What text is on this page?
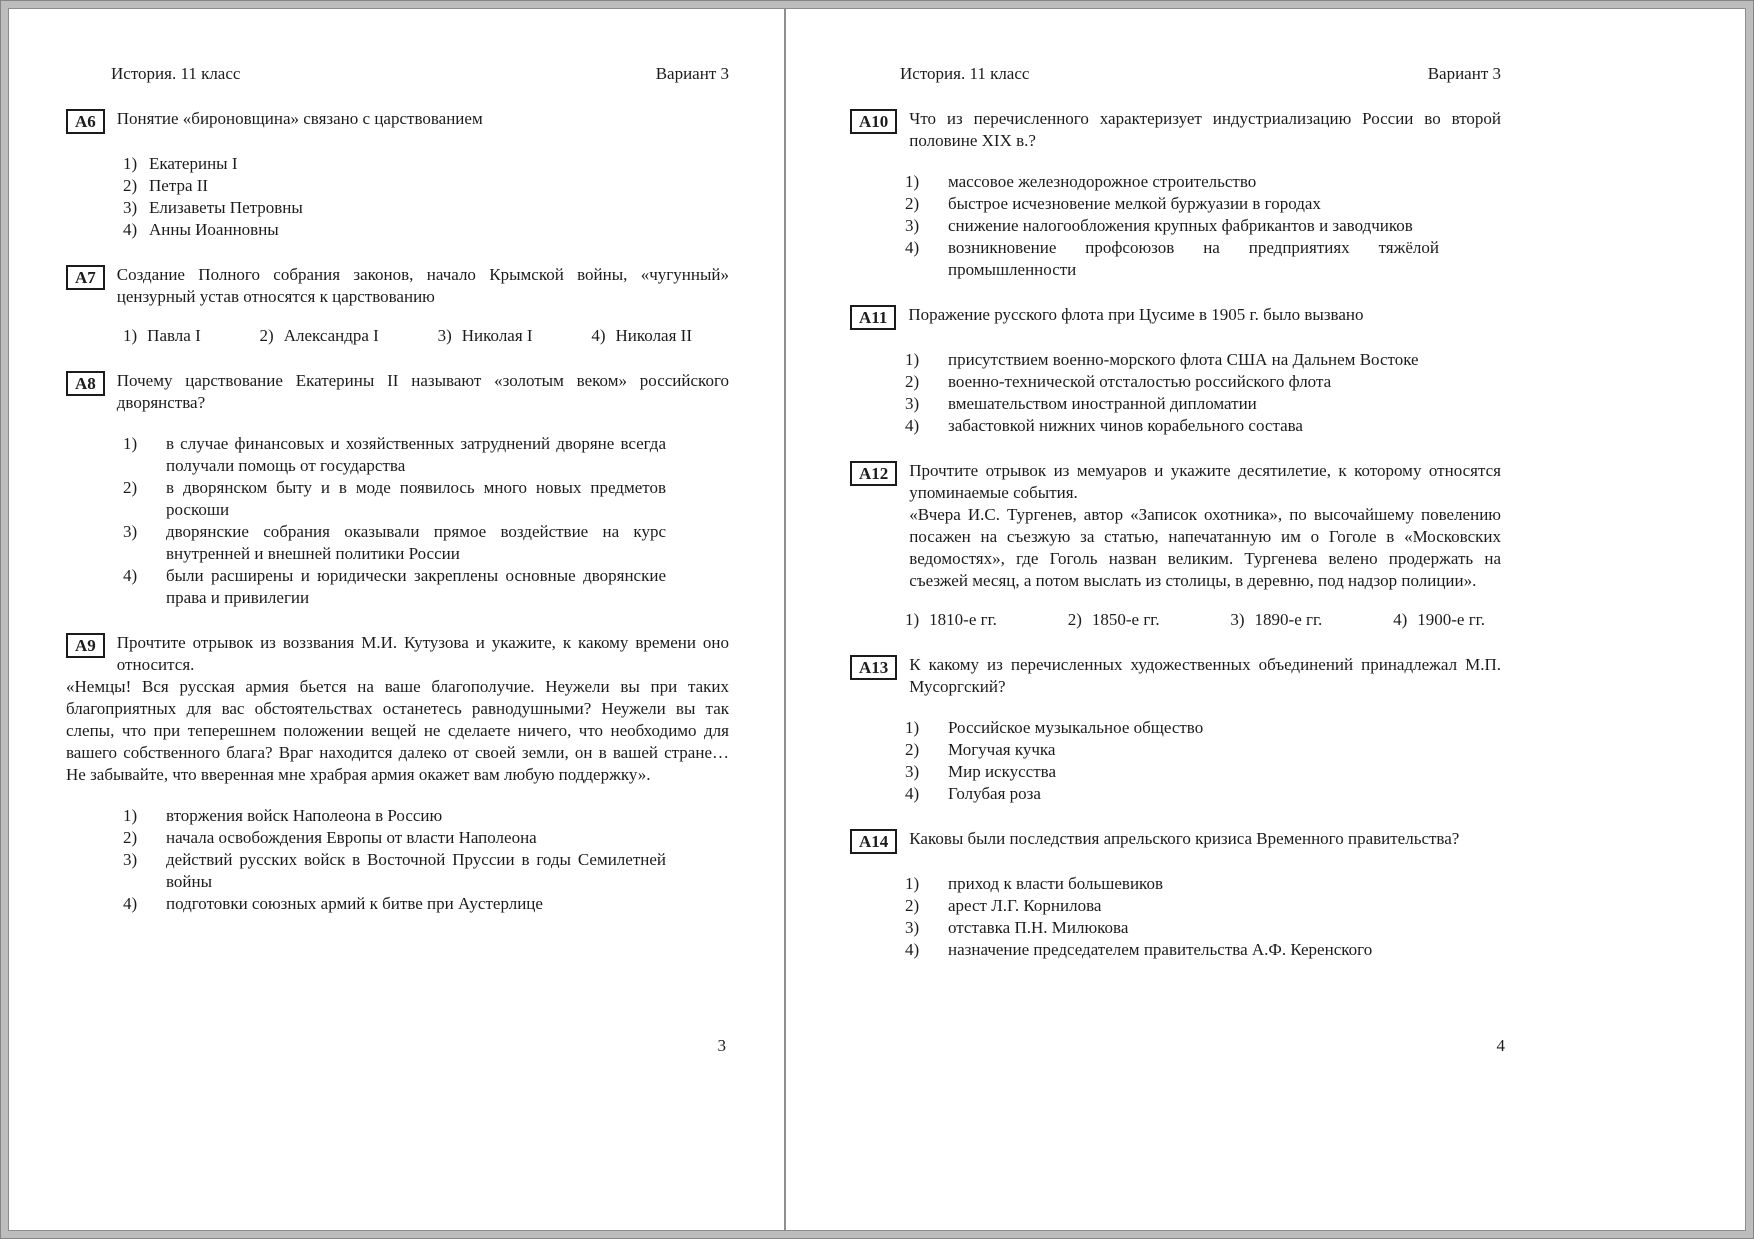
История. 11 класс	Вариант 3
А6	Понятие «бироновщина» связано с царствованием
1) Екатерины I
2) Петра II
3) Елизаветы Петровны
4) Анны Иоанновны
А7	Создание Полного собрания законов, начало Крымской войны, «чугунный» цензурный устав относятся к царствованию
1) Павла I	2) Александра I	3) Николая I	4) Николая II
А8	Почему царствование Екатерины II называют «золотым веком» российского дворянства?
1)	в случае финансовых и хозяйственных затруднений дворяне всегда получали помощь от государства
2)	в дворянском быту и в моде появилось много новых предметов роскоши
3)	дворянские собрания оказывали прямое воздействие на курс внутренней и внешней политики России
4)	были расширены и юридически закреплены основные дворянские права и привилегии
А9	Прочтите отрывок из воззвания М.И. Кутузова и укажите, к какому времени оно относится.
«Немцы! Вся русская армия бьется на ваше благополучие. Неужели вы при таких благоприятных для вас обстоятельствах останетесь равнодушными? Неужели вы так слепы, что при теперешнем положении вещей не сделаете ничего, что необходимо для вашего собственного блага? Враг находится далеко от своей земли, он в вашей стране… Не забывайте, что вверенная мне храбрая армия окажет вам любую поддержку».
1)	вторжения войск Наполеона в Россию
2)	начала освобождения Европы от власти Наполеона
3)	действий русских войск в Восточной Пруссии в годы Семилетней войны
4)	подготовки союзных армий к битве при Аустерлице
3
История. 11 класс	Вариант 3
А10	Что из перечисленного характеризует индустриализацию России во второй половине XIX в.?
1)	массовое железнодорожное строительство
2)	быстрое исчезновение мелкой буржуазии в городах
3)	снижение налогообложения крупных фабрикантов и заводчиков
4)	возникновение профсоюзов на предприятиях тяжёлой промышленности
А11	Поражение русского флота при Цусиме в 1905 г. было вызвано
1)	присутствием военно-морского флота США на Дальнем Востоке
2)	военно-технической отсталостью российского флота
3)	вмешательством иностранной дипломатии
4)	забастовкой нижних чинов корабельного состава
А12	Прочтите отрывок из мемуаров и укажите десятилетие, к которому относятся упоминаемые события.
«Вчера И.С. Тургенев, автор «Записок охотника», по высочайшему повелению посажен на съезжую за статью, напечатанную им о Гоголе в «Московских ведомостях», где Гоголь назван великим. Тургенева велено продержать на съезжей месяц, а потом выслать из столицы, в деревню, под надзор полиции».
1) 1810-е гг.	2) 1850-е гг.	3) 1890-е гг.	4) 1900-е гг.
А13	К какому из перечисленных художественных объединений принадлежал М.П. Мусоргский?
1)	Российское музыкальное общество
2)	Могучая кучка
3)	Мир искусства
4)	Голубая роза
А14	Каковы были последствия апрельского кризиса Временного правительства?
1)	приход к власти большевиков
2)	арест Л.Г. Корнилова
3)	отставка П.Н. Милюкова
4)	назначение председателем правительства А.Ф. Керенского
4
